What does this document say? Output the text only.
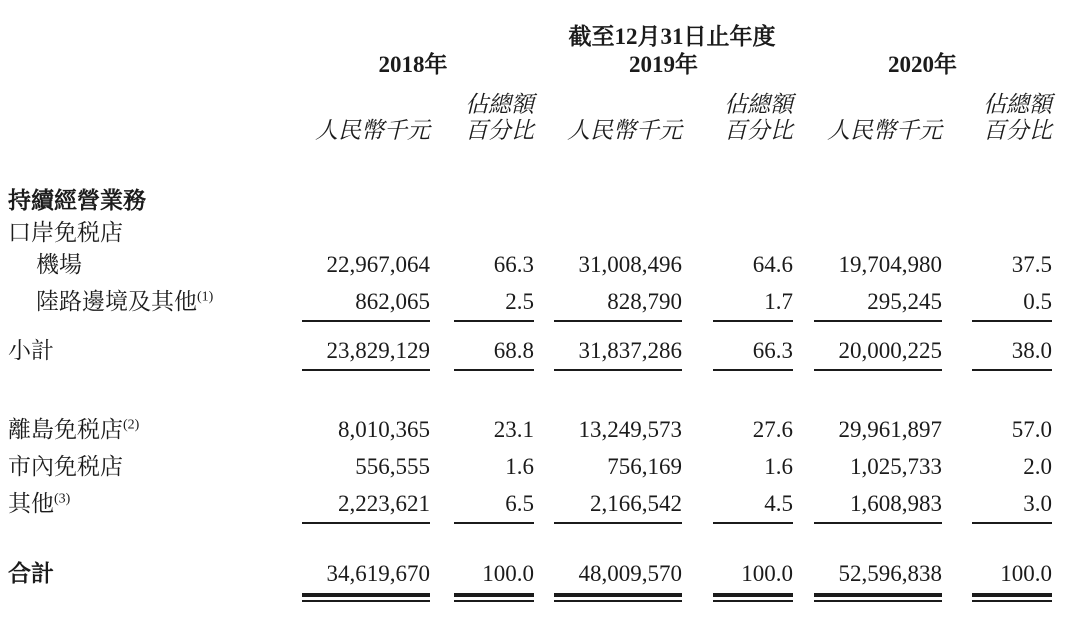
截至12月31日止年度
2018年	2019年	2020年
佔總額	佔總額	佔總額
人民幣千元	百分比	人民幣千元	百分比	人民幣千元	百分比
持續經營業務
口岸免税店
機場	22,967,064	66.3	31,008,496	64.6	19,704,980	37.5
陸路邊境及其他$^{(1)}$	862,065	2.5	828,790	1.7	295,245	0.5
小計	23,829,129	68.8	31,837,286	66.3	20,000,225	38.0
離島免税店$^{(2)}$	8,010,365	23.1	13,249,573	27.6	29,961,897	57.0
市內免税店	556,555	1.6	756,169	1.6	1,025,733	2.0
其他$^{(3)}$	2,223,621	6.5	2,166,542	4.5	1,608,983	3.0
合計	34,619,670	100.0	48,009,570	100.0	52,596,838	100.0
